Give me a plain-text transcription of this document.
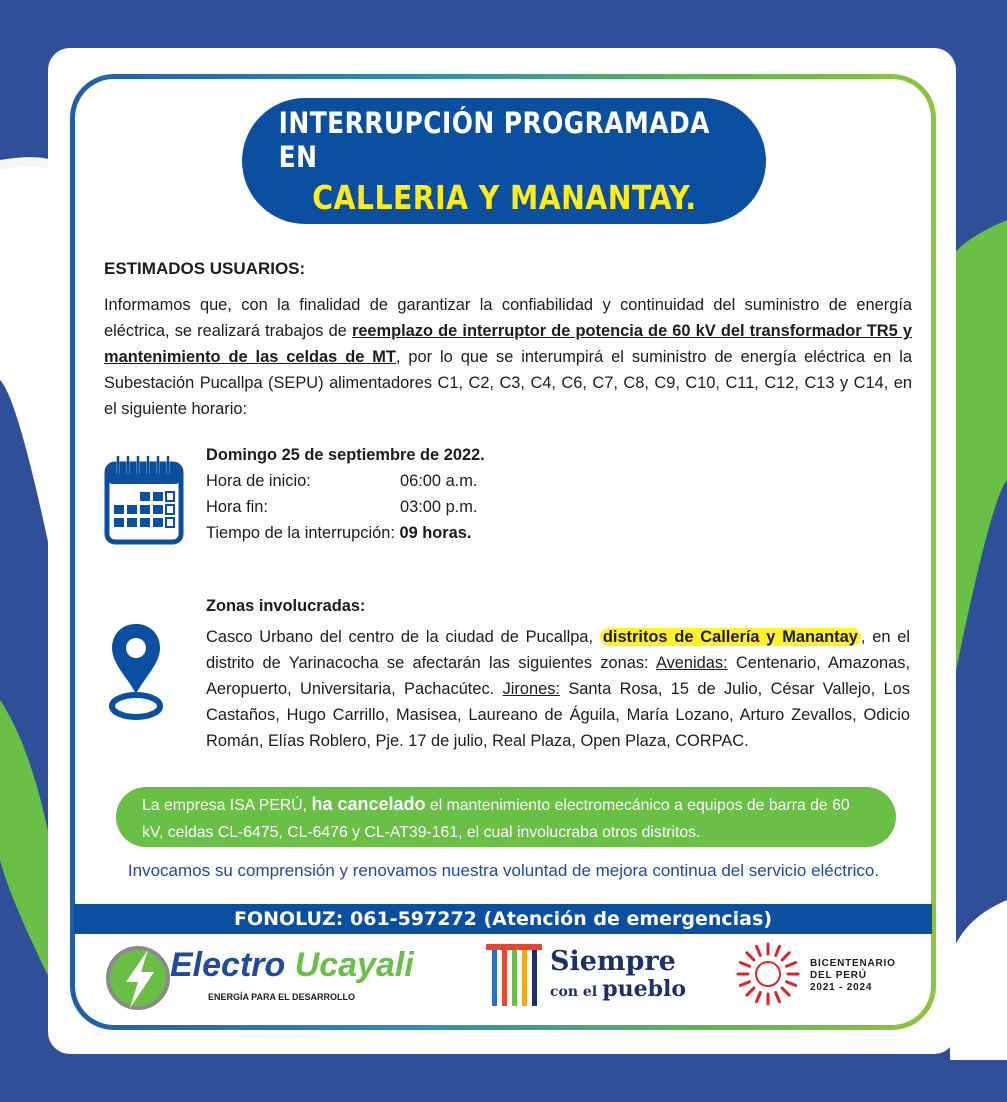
INTERRUPCIÓN PROGRAMADA EN
CALLERIA Y MANANTAY.
ESTIMADOS USUARIOS:
Informamos que, con la finalidad de garantizar la confiabilidad y continuidad del suministro de energía eléctrica, se realizará trabajos de reemplazo de interruptor de potencia de 60 kV del transformador TR5 y mantenimiento de las celdas de MT, por lo que se interumpirá el suministro de energía eléctrica en la Subestación Pucallpa (SEPU) alimentadores C1, C2, C3, C4, C6, C7, C8, C9, C10, C11, C12, C13 y C14, en el siguiente horario:
Domingo 25 de septiembre de 2022.
Hora de inicio:	06:00 a.m.
Hora fin:	03:00 p.m.
Tiempo de la interrupción:
09 horas.
Zonas involucradas:
Casco Urbano del centro de la ciudad de Pucallpa, distritos de Callería y Manantay , en el distrito de Yarinacocha se afectarán las siguientes zonas: Avenidas: Centenario, Amazonas, Aeropuerto, Universitaria, Pachacútec. Jirones: Santa Rosa, 15 de Julio, César Vallejo, Los Castaños, Hugo Carrillo, Masisea, Laureano de Águila, María Lozano, Arturo Zevallos, Odicio Román, Elías Roblero, Pje. 17 de julio, Real Plaza, Open Plaza, CORPAC.
La empresa ISA PERÚ, ha cancelado el mantenimiento electromecánico a equipos de barra de 60 kV, celdas CL-6475, CL-6476 y CL-AT39-161, el cual involucraba otros distritos.
Invocamos su comprensión y renovamos nuestra voluntad de mejora continua del servicio eléctrico.
FONOLUZ: 061-597272 (Atención de emergencias)
Electro Ucayali
ENERGÍA PARA EL DESARROLLO
Siempre
con el pueblo
BICENTENARIO
DEL PERÚ
2021 - 2024
